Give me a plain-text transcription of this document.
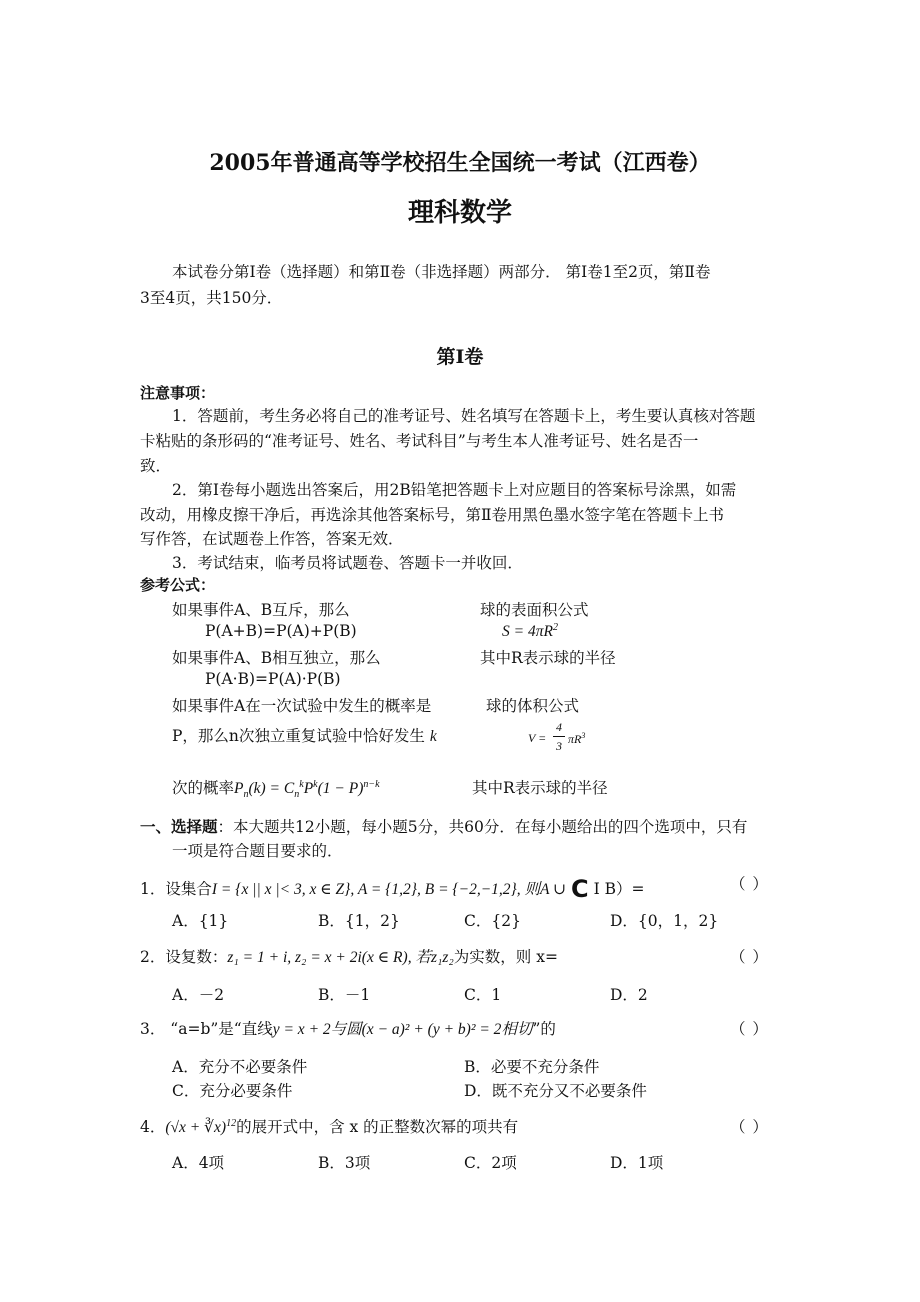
2005年普通高等学校招生全国统一考试（江西卷）
理科数学
本试卷分第Ⅰ卷（选择题）和第Ⅱ卷（非选择题）两部分． 第Ⅰ卷1至2页，第Ⅱ卷
3至4页，共150分．
第Ⅰ卷
注意事项：
1．答题前，考生务必将自己的准考证号、姓名填写在答题卡上，考生要认真核对答题
卡粘贴的条形码的“准考证号、姓名、考试科目”与考生本人准考证号、姓名是否一
致．
2．第Ⅰ卷每小题选出答案后，用2B铅笔把答题卡上对应题目的答案标号涂黑，如需
改动，用橡皮擦干净后，再选涂其他答案标号，第Ⅱ卷用黑色墨水签字笔在答题卡上书
写作答，在试题卷上作答，答案无效．
3．考试结束，临考员将试题卷、答题卡一并收回．
参考公式：
如果事件A、B互斥，那么
P(A+B)=P(A)+P(B)
如果事件A、B相互独立，那么
P(A·B)=P(A)·P(B)
如果事件A在一次试验中发生的概率是
P，那么n次独立重复试验中恰好发生 k
次的概率$P_n(k) = C_n^kP^k(1 - P)^{n-k}$
球的表面积公式
$S = 4\pi R^2$
其中R表示球的半径
球的体积公式
V =
4
3 $\pi R^3$
其中R表示球的半径
一、选择题：本大题共12小题，每小题5分，共60分．在每小题给出的四个选项中，只有
一项是符合题目要求的．
1．设集合I = {x || x |< 3, x ∈ Z}, A = {1,2}, B = {−2,−1,2}, 则A ∪ C I B）=	（ ）
A．{1}	B．{1，2}	C．{2}	D．{0，1，2}
2．设复数：z₁ = 1 + i, z₂ = x + 2i(x ∈ R), 若z₁z₂为实数，则 x=	（ ）
A．－2	B．－1	C．1	D．2
3． “a=b”是“直线y = x + 2与圆(x − a)² + (y + b)² = 2相切”的	（ ）
A．充分不必要条件	B．必要不充分条件
C．充分必要条件	D．既不充分又不必要条件
4．(√x + ∛x)$^{12}$的展开式中，含 x 的正整数次幂的项共有	（ ）
A．4项	B．3项	C．2项	D．1项
